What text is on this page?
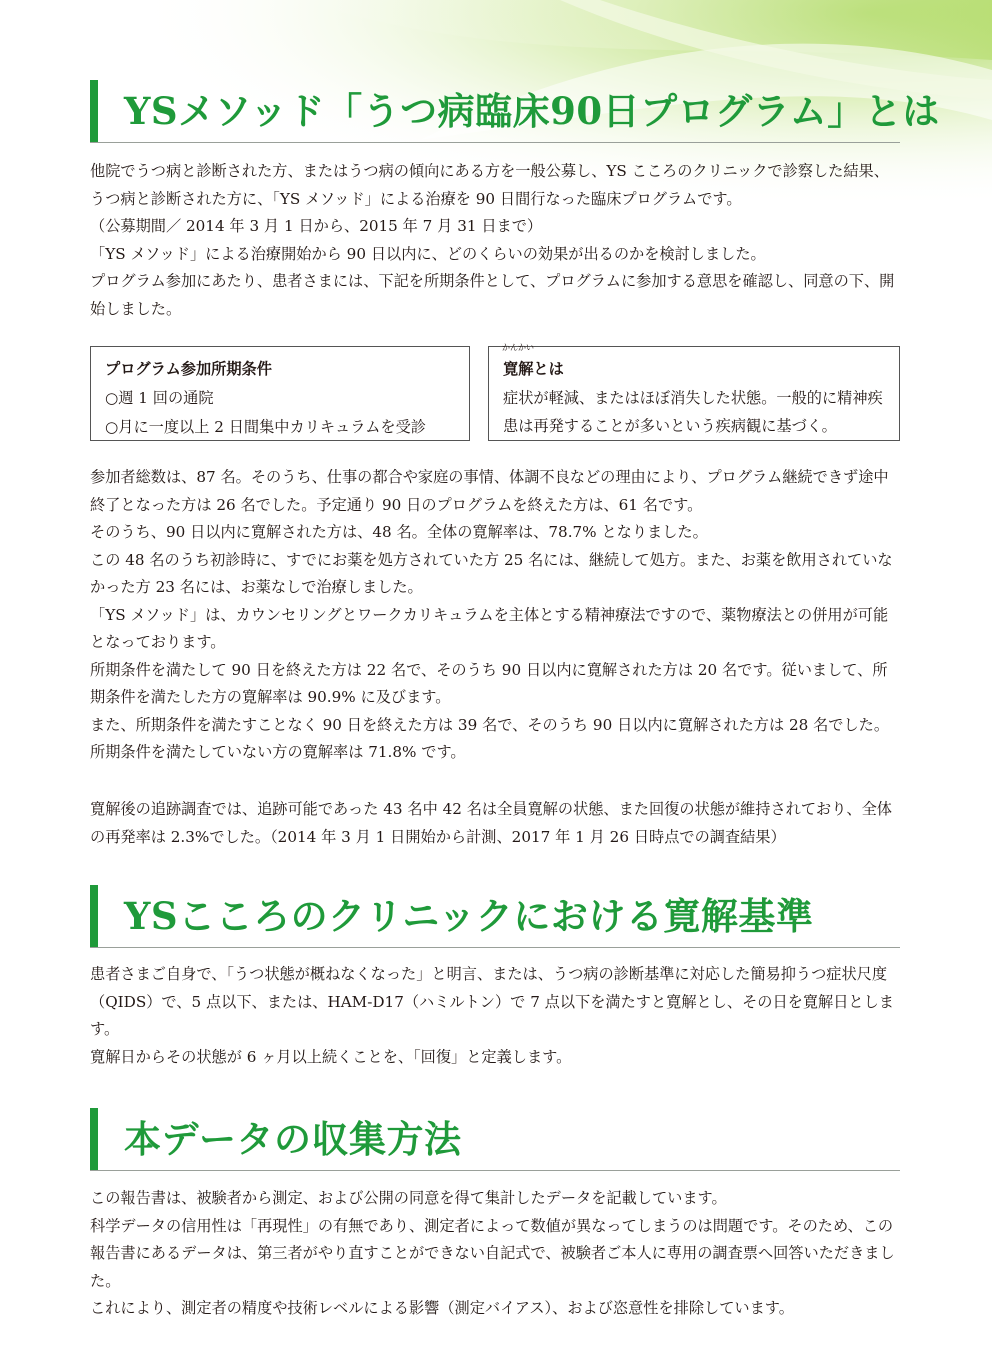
YSメソッド「うつ病臨床90日プログラム」とは

他院でうつ病と診断された方、またはうつ病の傾向にある方を一般公募し、YS こころのクリニックで診察した結果、うつ病と診断された方に、「YS メソッド」による治療を 90 日間行なった臨床プログラムです。

（公募期間／ 2014 年 3 月 1 日から、2015 年 7 月 31 日まで）

「YS メソッド」による治療開始から 90 日以内に、どのくらいの効果が出るのかを検討しました。

プログラム参加にあたり、患者さまには、下記を所期条件として、プログラムに参加する意思を確認し、同意の下、開始しました。

プログラム参加所期条件
○週 1 回の通院
○月に一度以上 2 日間集中カリキュラムを受診
かんかい
寛解とは
症状が軽減、またはほぼ消失した状態。一般的に精神疾患は再発することが多いという疾病観に基づく。

参加者総数は、87 名。そのうち、仕事の都合や家庭の事情、体調不良などの理由により、プログラム継続できず途中終了となった方は 26 名でした。予定通り 90 日のプログラムを終えた方は、61 名です。

そのうち、90 日以内に寛解された方は、48 名。全体の寛解率は、78.7% となりました。

この 48 名のうち初診時に、すでにお薬を処方されていた方 25 名には、継続して処方。また、お薬を飲用されていなかった方 23 名には、お薬なしで治療しました。

「YS メソッド」は、カウンセリングとワークカリキュラムを主体とする精神療法ですので、薬物療法との併用が可能となっております。

所期条件を満たして 90 日を終えた方は 22 名で、そのうち 90 日以内に寛解された方は 20 名です。従いまして、所期条件を満たした方の寛解率は 90.9% に及びます。

また、所期条件を満たすことなく 90 日を終えた方は 39 名で、そのうち 90 日以内に寛解された方は 28 名でした。所期条件を満たしていない方の寛解率は 71.8% です。

寛解後の追跡調査では、追跡可能であった 43 名中 42 名は全員寛解の状態、また回復の状態が維持されており、全体の再発率は 2.3%でした。（2014 年 3 月 1 日開始から計測、2017 年 1 月 26 日時点での調査結果）

YSこころのクリニックにおける寛解基準

患者さまご自身で、「うつ状態が概ねなくなった」と明言、または、うつ病の診断基準に対応した簡易抑うつ症状尺度（QIDS）で、5 点以下、または、HAM-D17（ハミルトン）で 7 点以下を満たすと寛解とし、その日を寛解日とします。

寛解日からその状態が 6 ヶ月以上続くことを、「回復」と定義します。

本データの収集方法

この報告書は、被験者から測定、および公開の同意を得て集計したデータを記載しています。

科学データの信用性は「再現性」の有無であり、測定者によって数値が異なってしまうのは問題です。そのため、この報告書にあるデータは、第三者がやり直すことができない自記式で、被験者ご本人に専用の調査票へ回答いただきました。

これにより、測定者の精度や技術レベルによる影響（測定バイアス）、および恣意性を排除しています。
